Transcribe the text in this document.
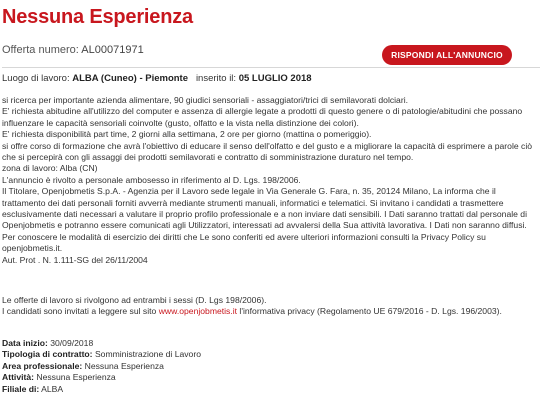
Nessuna Esperienza
Offerta numero: AL00071971	RISPONDI ALL'ANNUNCIO
Luogo di lavoro: ALBA (Cuneo) - Piemonte inserito il: 05 LUGLIO 2018

si ricerca per importante azienda alimentare, 90 giudici sensoriali - assaggiatori/trici di semilavorati dolciari.

E' richiesta abitudine all'utilizzo del computer e assenza di allergie legate a prodotti di questo genere o di patologie/abitudini che possano influenzare le capacità sensoriali coinvolte (gusto, olfatto e la vista nella distinzione dei colori).

E' richiesta disponibilità part time, 2 giorni alla settimana, 2 ore per giorno (mattina o pomeriggio).

si offre corso di formazione che avrà l'obiettivo di educare il senso dell'olfatto e del gusto e a migliorare la capacità di esprimere a parole ciò che si percepirà con gli assaggi dei prodotti semilavorati e contratto di somministrazione duraturo nel tempo.

zona di lavoro: Alba (CN)

L'annuncio è rivolto a personale ambosesso in riferimento al D. Lgs. 198/2006.

Il Titolare, Openjobmetis S.p.A. - Agenzia per il Lavoro sede legale in Via Generale G. Fara, n. 35, 20124 Milano, La informa che il trattamento dei dati personali forniti avverrà mediante strumenti manuali, informatici e telematici. Si invitano i candidati a trasmettere esclusivamente dati necessari a valutare il proprio profilo professionale e a non inviare dati sensibili. I Dati saranno trattati dal personale di Openjobmetis e potranno essere comunicati agli Utilizzatori, interessati ad avvalersi della Sua attività lavorativa. I Dati non saranno diffusi. Per conoscere le modalità di esercizio dei diritti che Le sono conferiti ed avere ulteriori informazioni consulti la Privacy Policy su openjobmetis.it.

Aut. Prot . N. 1.111-SG del 26/11/2004

Le offerte di lavoro si rivolgono ad entrambi i sessi (D. Lgs 198/2006).

I candidati sono invitati a leggere sul sito www.openjobmetis.it l'informativa privacy (Regolamento UE 679/2016 - D. Lgs. 196/2003).

Data inizio: 30/09/2018
Tipologia di contratto: Somministrazione di Lavoro
Area professionale: Nessuna Esperienza
Attività: Nessuna Esperienza
Filiale di: ALBA
